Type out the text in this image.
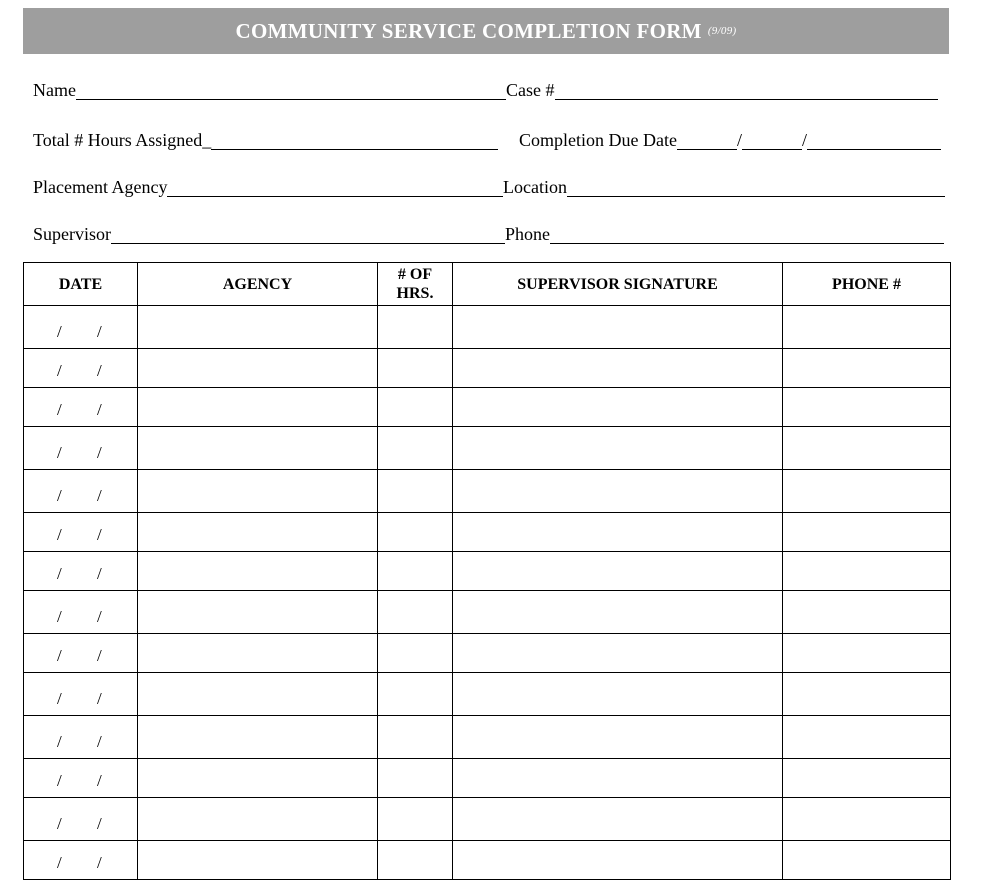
COMMUNITY SERVICE COMPLETION FORM (9/09)
Name	Case #
Total # Hours Assigned _	Completion Due Date	/	/
Placement Agency	Location
Supervisor	Phone
DATE	AGENCY	# OF HRS.	SUPERVISOR SIGNATURE	PHONE #

/ /				

/ /				

/ /				

/ /				

/ /				

/ /				

/ /				

/ /				

/ /				

/ /				

/ /				

/ /				

/ /				

/ /				
